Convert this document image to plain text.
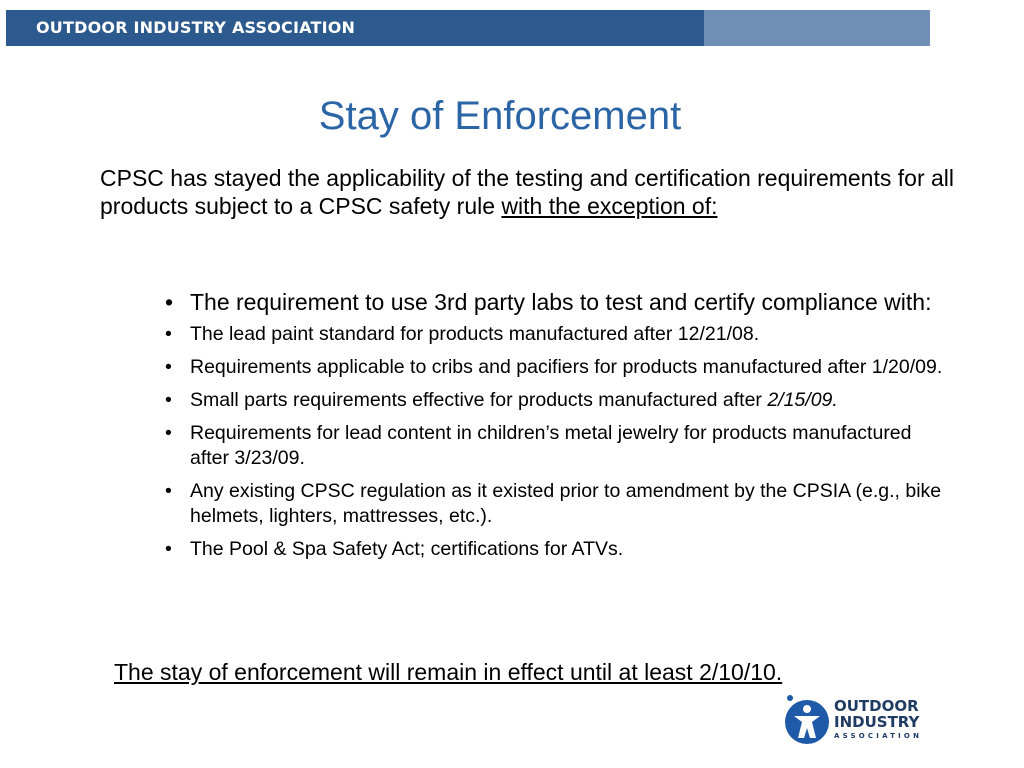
OUTDOOR INDUSTRY ASSOCIATION
Stay of Enforcement
CPSC has stayed the applicability of the testing and certification requirements for all products subject to a CPSC safety rule with the exception of:
• The requirement to use 3rd party labs to test and certify compliance with:
• The lead paint standard for products manufactured after 12/21/08.
• Requirements applicable to cribs and pacifiers for products manufactured after 1/20/09.
• Small parts requirements effective for products manufactured after 2/15/09.
• Requirements for lead content in children’s metal jewelry for products manufactured after 3/23/09.
• Any existing CPSC regulation as it existed prior to amendment by the CPSIA (e.g., bike helmets, lighters, mattresses, etc.).
• The Pool & Spa Safety Act; certifications for ATVs.
The stay of enforcement will remain in effect until at least 2/10/10.
OUTDOOR
INDUSTRY
ASSOCIATION
